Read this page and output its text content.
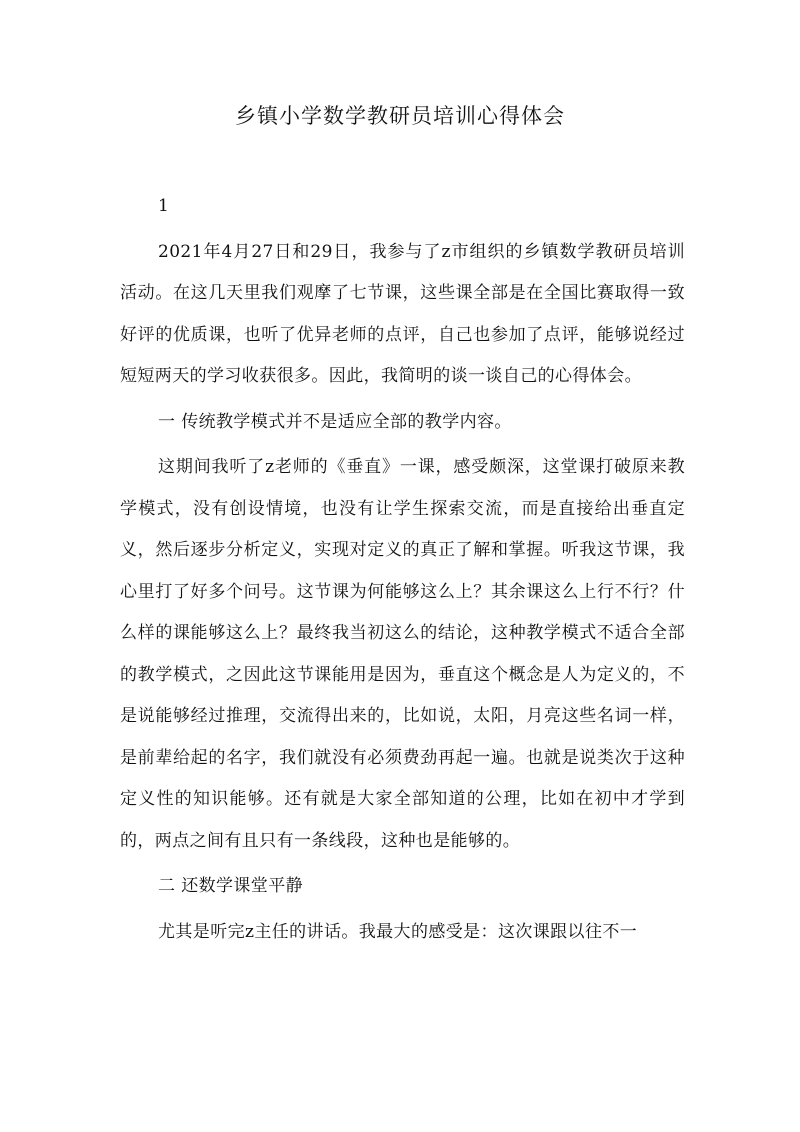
乡镇小学数学教研员培训心得体会

1

2021年4月27日和29日，我参与了z市组织的乡镇数学教研员培训活动。在这几天里我们观摩了七节课，这些课全部是在全国比赛取得一致好评的优质课，也听了优异老师的点评，自己也参加了点评，能够说经过短短两天的学习收获很多。因此，我简明的谈一谈自己的心得体会。

一 传统教学模式并不是适应全部的教学内容。

这期间我听了z老师的《垂直》一课，感受颇深，这堂课打破原来教学模式，没有创设情境，也没有让学生探索交流，而是直接给出垂直定义，然后逐步分析定义，实现对定义的真正了解和掌握。听我这节课，我心里打了好多个问号。这节课为何能够这么上？其余课这么上行不行？什么样的课能够这么上？最终我当初这么的结论，这种教学模式不适合全部的教学模式，之因此这节课能用是因为，垂直这个概念是人为定义的，不是说能够经过推理，交流得出来的，比如说，太阳，月亮这些名词一样，是前辈给起的名字，我们就没有必须费劲再起一遍。也就是说类次于这种定义性的知识能够。还有就是大家全部知道的公理，比如在初中才学到的，两点之间有且只有一条线段，这种也是能够的。

二 还数学课堂平静

尤其是听完z主任的讲话。我最大的感受是：这次课跟以往不一
